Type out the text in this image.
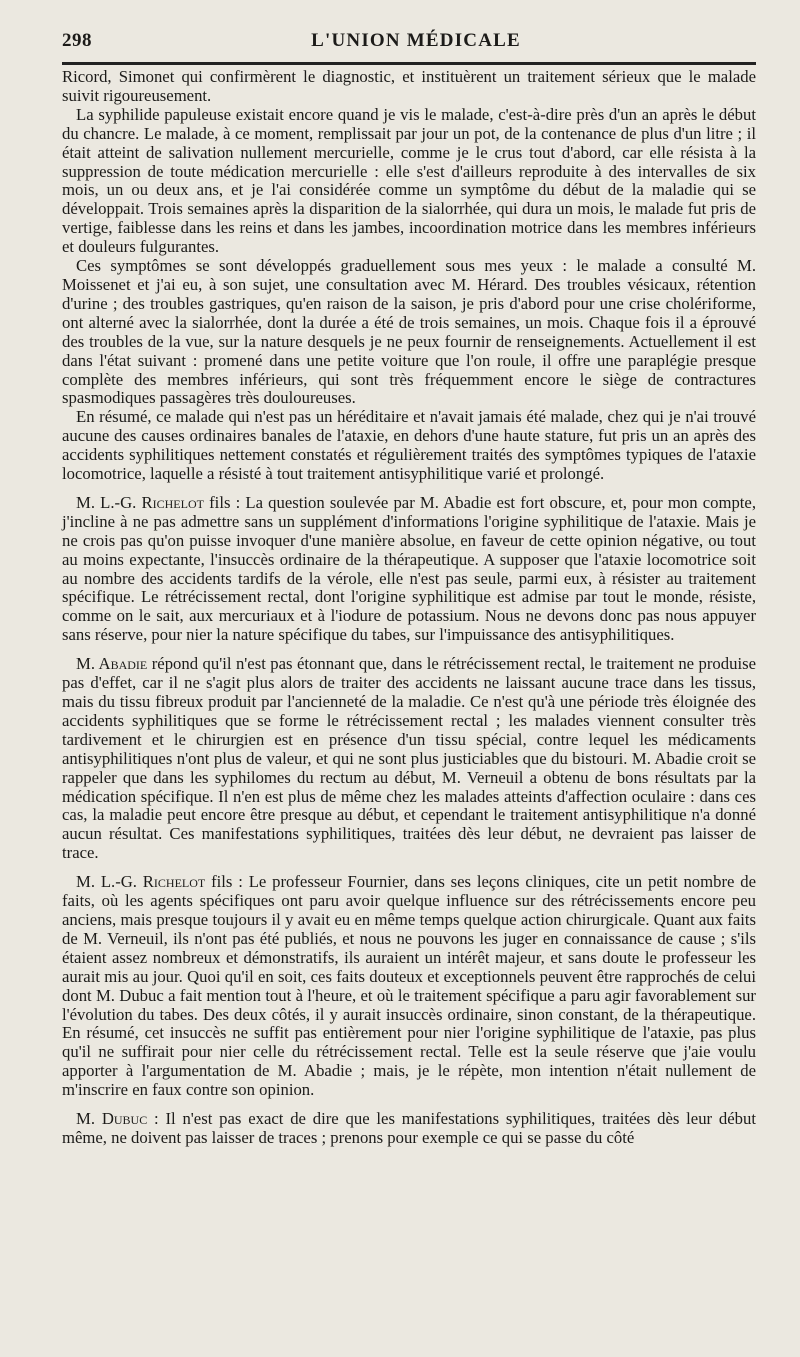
298	L'UNION MÉDICALE

Ricord, Simonet qui confirmèrent le diagnostic, et instituèrent un traitement sérieux que le malade suivit rigoureusement.

La syphilide papuleuse existait encore quand je vis le malade, c'est-à-dire près d'un an après le début du chancre. Le malade, à ce moment, remplissait par jour un pot, de la contenance de plus d'un litre ; il était atteint de salivation nullement mercurielle, comme je le crus tout d'abord, car elle résista à la suppression de toute médication mercurielle : elle s'est d'ailleurs reproduite à des intervalles de six mois, un ou deux ans, et je l'ai considérée comme un symptôme du début de la maladie qui se développait. Trois semaines après la disparition de la sialorrhée, qui dura un mois, le malade fut pris de vertige, faiblesse dans les reins et dans les jambes, incoordination motrice dans les membres inférieurs et douleurs fulgurantes.

Ces symptômes se sont développés graduellement sous mes yeux : le malade a consulté M. Moissenet et j'ai eu, à son sujet, une consultation avec M. Hérard. Des troubles vésicaux, rétention d'urine ; des troubles gastriques, qu'en raison de la saison, je pris d'abord pour une crise cholériforme, ont alterné avec la sialorrhée, dont la durée a été de trois semaines, un mois. Chaque fois il a éprouvé des troubles de la vue, sur la nature desquels je ne peux fournir de renseignements. Actuellement il est dans l'état suivant : promené dans une petite voiture que l'on roule, il offre une paraplégie presque complète des membres inférieurs, qui sont très fréquemment encore le siège de contractures spasmodiques passagères très douloureuses.

En résumé, ce malade qui n'est pas un héréditaire et n'avait jamais été malade, chez qui je n'ai trouvé aucune des causes ordinaires banales de l'ataxie, en dehors d'une haute stature, fut pris un an après des accidents syphilitiques nettement constatés et régulièrement traités des symptômes typiques de l'ataxie locomotrice, laquelle a résisté à tout traitement antisyphilitique varié et prolongé.

M. L.-G. Richelot fils : La question soulevée par M. Abadie est fort obscure, et, pour mon compte, j'incline à ne pas admettre sans un supplément d'informations l'origine syphilitique de l'ataxie. Mais je ne crois pas qu'on puisse invoquer d'une manière absolue, en faveur de cette opinion négative, ou tout au moins expectante, l'insuccès ordinaire de la thérapeutique. A supposer que l'ataxie locomotrice soit au nombre des accidents tardifs de la vérole, elle n'est pas seule, parmi eux, à résister au traitement spécifique. Le rétrécissement rectal, dont l'origine syphilitique est admise par tout le monde, résiste, comme on le sait, aux mercuriaux et à l'iodure de potassium. Nous ne devons donc pas nous appuyer sans réserve, pour nier la nature spécifique du tabes, sur l'impuissance des antisyphilitiques.

M. Abadie répond qu'il n'est pas étonnant que, dans le rétrécissement rectal, le traitement ne produise pas d'effet, car il ne s'agit plus alors de traiter des accidents ne laissant aucune trace dans les tissus, mais du tissu fibreux produit par l'ancienneté de la maladie. Ce n'est qu'à une période très éloignée des accidents syphilitiques que se forme le rétrécissement rectal ; les malades viennent consulter très tardivement et le chirurgien est en présence d'un tissu spécial, contre lequel les médicaments antisyphilitiques n'ont plus de valeur, et qui ne sont plus justiciables que du bistouri. M. Abadie croit se rappeler que dans les syphilomes du rectum au début, M. Verneuil a obtenu de bons résultats par la médication spécifique. Il n'en est plus de même chez les malades atteints d'affection oculaire : dans ces cas, la maladie peut encore être presque au début, et cependant le traitement antisyphilitique n'a donné aucun résultat. Ces manifestations syphilitiques, traitées dès leur début, ne devraient pas laisser de trace.

M. L.-G. Richelot fils : Le professeur Fournier, dans ses leçons cliniques, cite un petit nombre de faits, où les agents spécifiques ont paru avoir quelque influence sur des rétrécissements encore peu anciens, mais presque toujours il y avait eu en même temps quelque action chirurgicale. Quant aux faits de M. Verneuil, ils n'ont pas été publiés, et nous ne pouvons les juger en connaissance de cause ; s'ils étaient assez nombreux et démonstratifs, ils auraient un intérêt majeur, et sans doute le professeur les aurait mis au jour. Quoi qu'il en soit, ces faits douteux et exceptionnels peuvent être rapprochés de celui dont M. Dubuc a fait mention tout à l'heure, et où le traitement spécifique a paru agir favorablement sur l'évolution du tabes. Des deux côtés, il y aurait insuccès ordinaire, sinon constant, de la thérapeutique. En résumé, cet insuccès ne suffit pas entièrement pour nier l'origine syphilitique de l'ataxie, pas plus qu'il ne suffirait pour nier celle du rétrécissement rectal. Telle est la seule réserve que j'aie voulu apporter à l'argumentation de M. Abadie ; mais, je le répète, mon intention n'était nullement de m'inscrire en faux contre son opinion.

M. Dubuc : Il n'est pas exact de dire que les manifestations syphilitiques, traitées dès leur début même, ne doivent pas laisser de traces ; prenons pour exemple ce qui se passe du côté
